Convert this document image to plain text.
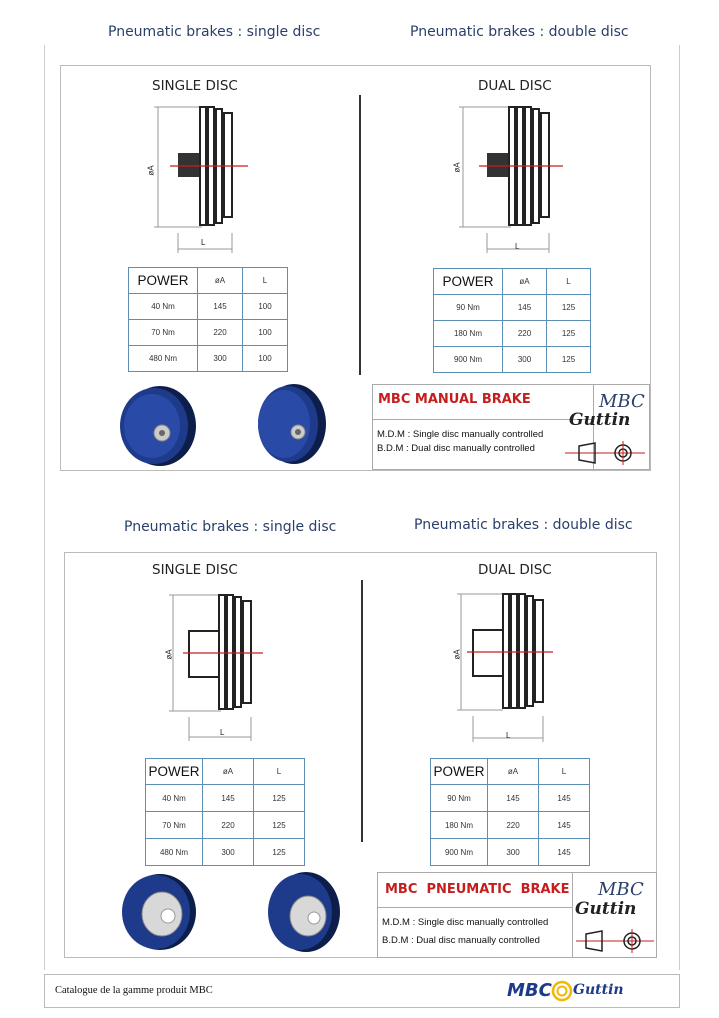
Pneumatic brakes : single disc	Pneumatic brakes : double disc
SINGLE DISC	DUAL DISC
øA
L
øA
L
POWER	øA	L
40 Nm	145	100
70 Nm	220	100
480 Nm	300	100
POWER	øA	L
90 Nm	145	125
180 Nm	220	125
900 Nm	300	125
MBC MANUAL BRAKE
M.D.M : Single disc manually controlled
B.D.M : Dual disc manually controlled
MBC
Guttin
Pneumatic brakes : single disc	Pneumatic brakes : double disc
SINGLE DISC	DUAL DISC
øA
L
øA
L
POWER	øA	L
40 Nm	145	125
70 Nm	220	125
480 Nm	300	125
POWER	øA	L
90 Nm	145	145
180 Nm	220	145
900 Nm	300	145
MBC  PNEUMATIC  BRAKE
M.D.M : Single disc manually controlled
B.D.M : Dual disc manually controlled
MBC
Guttin
Catalogue de la gamme produit MBC	MBC Guttin
